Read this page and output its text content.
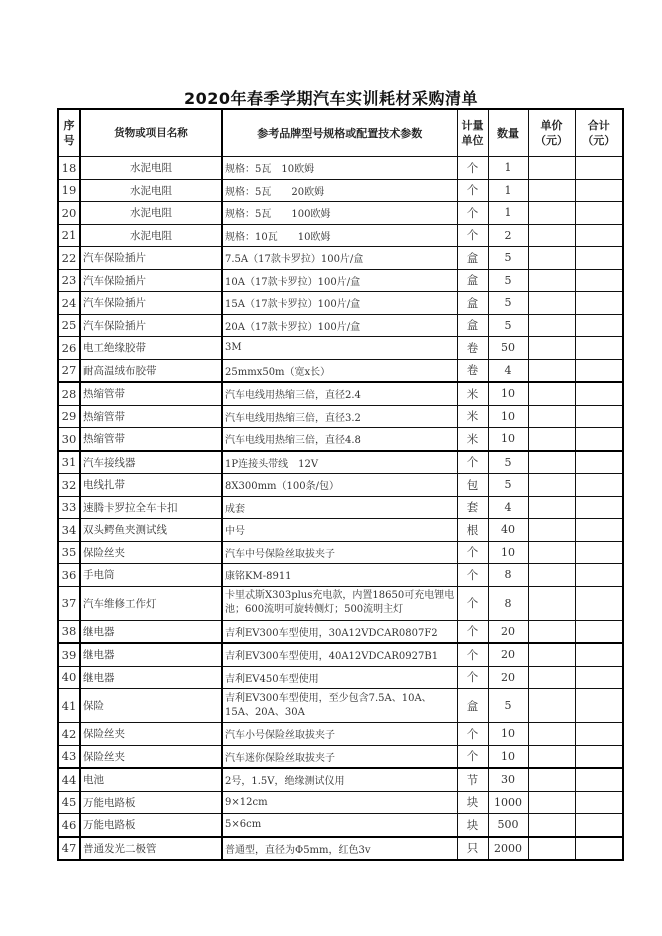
2020年春季学期汽车实训耗材采购清单
序号	货物或项目名称	参考品牌型号规格或配置技术参数	计量单位	数量	单价（元）	合计（元）
18	水泥电阻	规格：5瓦　10欧姆	个	1		
19	水泥电阻	规格：5瓦　　20欧姆	个	1		
20	水泥电阻	规格：5瓦　　100欧姆	个	1		
21	水泥电阻	规格：10瓦　　10欧姆	个	2		
22	汽车保险插片	7.5A（17款卡罗拉）100片/盒	盒	5		
23	汽车保险插片	10A（17款卡罗拉）100片/盒	盒	5		
24	汽车保险插片	15A（17款卡罗拉）100片/盒	盒	5		
25	汽车保险插片	20A（17款卡罗拉）100片/盒	盒	5		
26	电工绝缘胶带	3M	卷	50		
27	耐高温绒布胶带	25mmx50m（宽x长）	卷	4		
28	热缩管带	汽车电线用热缩三倍，直径2.4	米	10		
29	热缩管带	汽车电线用热缩三倍，直径3.2	米	10		
30	热缩管带	汽车电线用热缩三倍，直径4.8	米	10		
31	汽车接线器	1P连接头带线　12V	个	5		
32	电线扎带	8X300mm（100条/包）	包	5		
33	速腾卡罗拉全车卡扣	成套	套	4		
34	双头鳄鱼夹测试线	中号	根	40		
35	保险丝夹	汽车中号保险丝取拔夹子	个	10		
36	手电筒	康铭KM-8911	个	8		
37	汽车维修工作灯	卡里忒斯X303plus充电款，内置18650可充电锂电池；600流明可旋转侧灯；500流明主灯	个	8		
38	继电器	吉利EV300车型使用，30A12VDCAR0807F2	个	20		
39	继电器	吉利EV300车型使用，40A12VDCAR0927B1	个	20		
40	继电器	吉利EV450车型使用	个	20		
41	保险	吉利EV300车型使用，至少包含7.5A、10A、15A、20A、30A	盒	5		
42	保险丝夹	汽车小号保险丝取拔夹子	个	10		
43	保险丝夹	汽车迷你保险丝取拔夹子	个	10		
44	电池	2号，1.5V，绝缘测试仪用	节	30		
45	万能电路板	9×12cm	块	1000		
46	万能电路板	5×6cm	块	500		
47	普通发光二极管	普通型，直径为Φ5mm，红色3v	只	2000		
